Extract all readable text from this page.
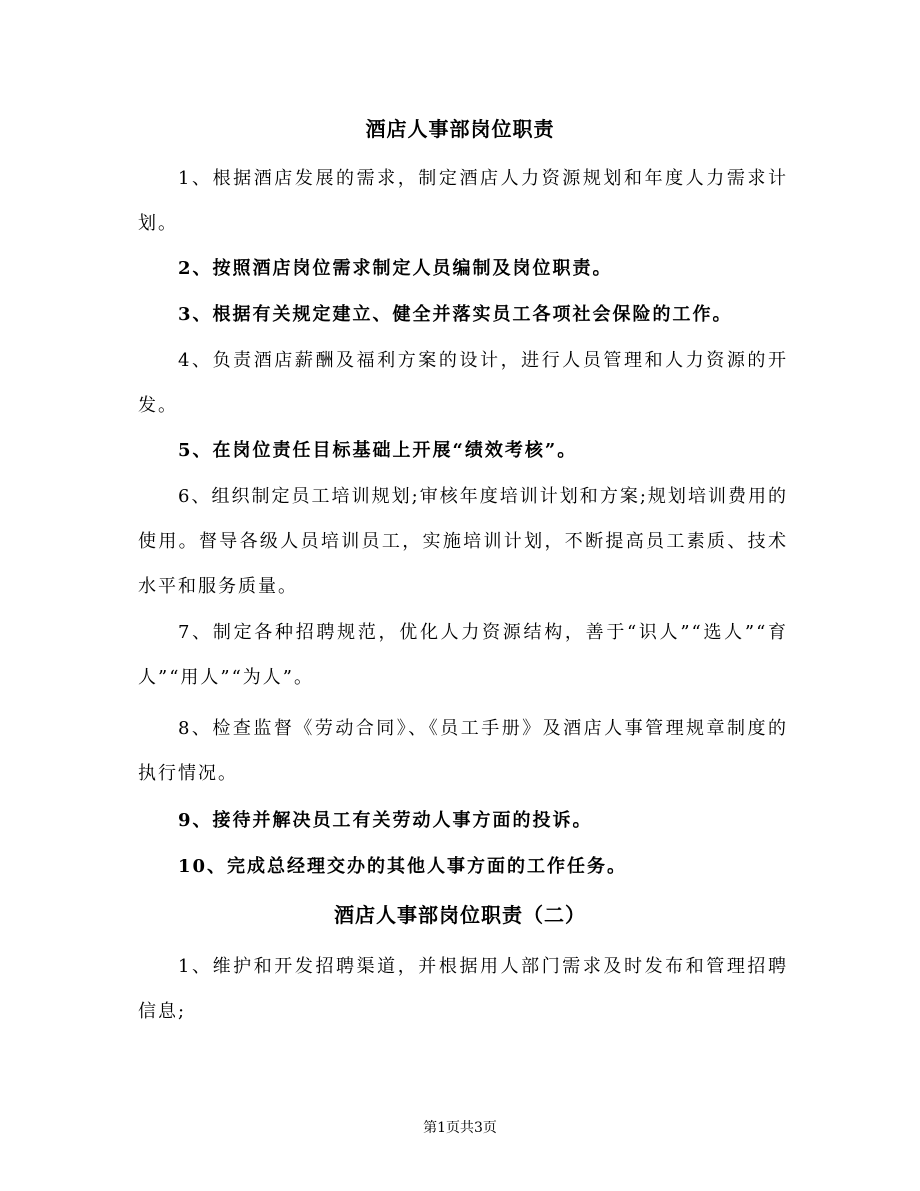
酒店人事部岗位职责

1、根据酒店发展的需求，制定酒店人力资源规划和年度人力需求计划。

2、按照酒店岗位需求制定人员编制及岗位职责。

3、根据有关规定建立、健全并落实员工各项社会保险的工作。

4、负责酒店薪酬及福利方案的设计，进行人员管理和人力资源的开发。

5、在岗位责任目标基础上开展“绩效考核”。

6、组织制定员工培训规划;审核年度培训计划和方案;规划培训费用的使用。督导各级人员培训员工，实施培训计划，不断提高员工素质、技术水平和服务质量。

7、制定各种招聘规范，优化人力资源结构，善于“识人”“选人”“育人”“用人”“为人”。

8、检查监督《劳动合同》、《员工手册》及酒店人事管理规章制度的执行情况。

9、接待并解决员工有关劳动人事方面的投诉。

10、完成总经理交办的其他人事方面的工作任务。

酒店人事部岗位职责（二）

1、维护和开发招聘渠道，并根据用人部门需求及时发布和管理招聘信息;

第1页共3页
